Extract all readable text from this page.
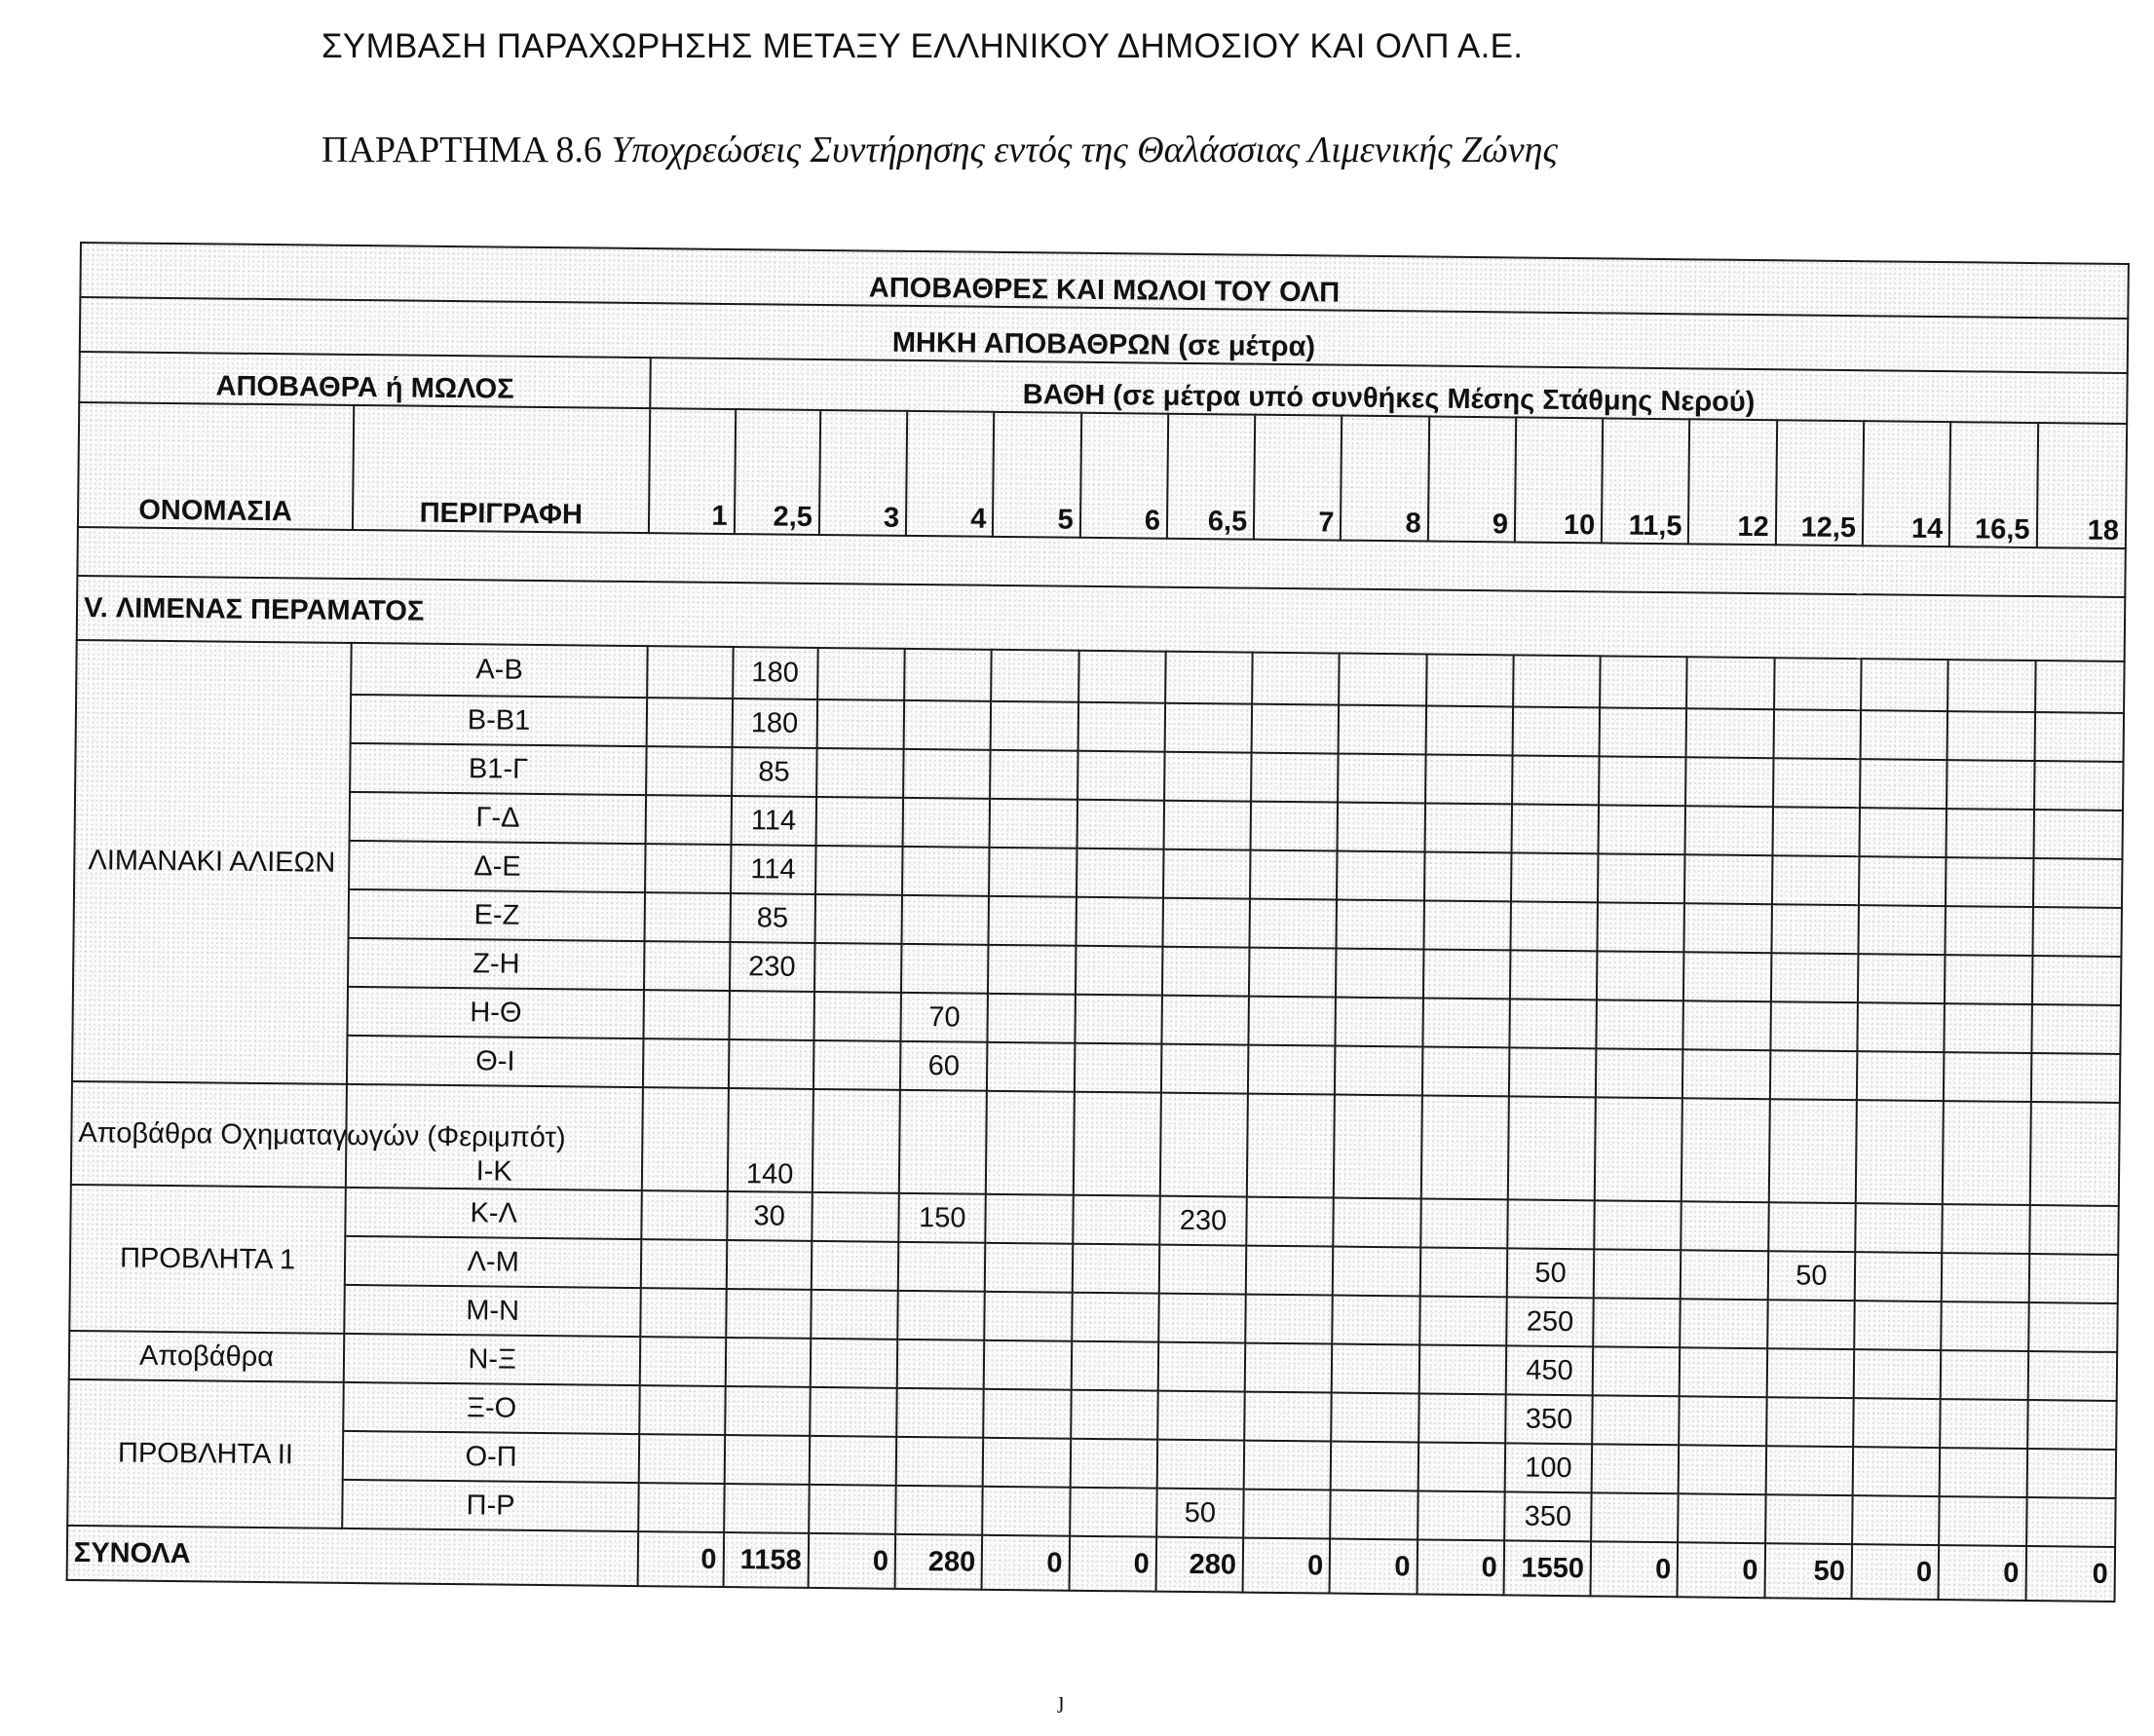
ΣΥΜΒΑΣΗ ΠΑΡΑΧΩΡΗΣΗΣ ΜΕΤΑΞΥ ΕΛΛΗΝΙΚΟΥ ΔΗΜΟΣΙΟΥ ΚΑΙ ΟΛΠ Α.Ε.
ΠΑΡΑΡΤΗΜΑ 8.6 Υποχρεώσεις Συντήρησης εντός της Θαλάσσιας Λιμενικής Ζώνης
ΑΠΟΒΑΘΡΕΣ ΚΑΙ ΜΩΛΟΙ ΤΟΥ ΟΛΠ																		
ΜΗΚΗ ΑΠΟΒΑΘΡΩΝ (σε μέτρα)																		
ΑΠΟΒΑΘΡΑ ή ΜΩΛΟΣ		ΒΑΘΗ (σε μέτρα υπό συνθήκες Μέσης Στάθμης Νερού)																
ΟΝΟΜΑΣΙΑ	ΠΕΡΙΓΡΑΦΗ	1	2,5	3	4	5	6	6,5	7	8	9	10	11,5	12	12,5	14	16,5	18

V. ΛΙΜΕΝΑΣ ΠΕΡΑΜΑΤΟΣ																		
ΛΙΜΑΝΑΚΙ ΑΛΙΕΩΝ	Α-Β		180															
	Β-Β1		180															
	Β1-Γ		85															
	Γ-Δ		114															
	Δ-Ε		114															
	Ε-Ζ		85															
	Ζ-Η		230															
	Η-Θ				70													
	Θ-Ι				60													
Αποβάθρα Οχηματαγωγών (Φεριμπότ)	Ι-Κ		140															
ΠΡΟΒΛΗΤΑ 1	Κ-Λ		30		150			230										
	Λ-Μ											50			50			
	Μ-Ν											250						
Αποβάθρα	Ν-Ξ											450						
ΠΡΟΒΛΗΤΑ II	Ξ-Ο											350						
	Ο-Π											100						
	Π-Ρ							50				350						
ΣΥΝΟΛΑ		0	1158	0	280	0	0	280	0	0	0	1550	0	0	50	0	0	0
ȷ
